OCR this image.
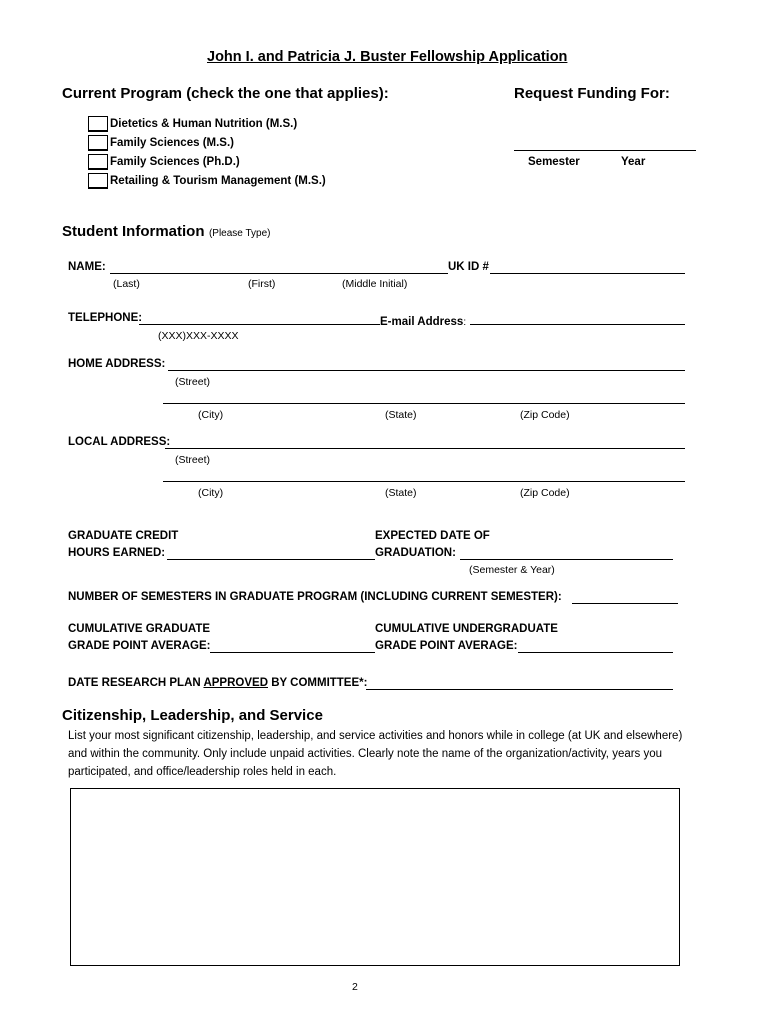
John I. and Patricia J. Buster Fellowship Application
Current Program (check the one that applies):	Request Funding For:
Dietetics & Human Nutrition (M.S.)
Family Sciences (M.S.)
Family Sciences (Ph.D.)
Retailing & Tourism Management (M.S.)
Semester	Year
Student Information (Please Type)
NAME:	UK ID #
(Last)	(First)	(Middle Initial)
TELEPHONE:	E-mail Address:
(XXX)XXX-XXXX
HOME ADDRESS:
(Street)
(City)	(State)	(Zip Code)
LOCAL ADDRESS:
(Street)
(City)	(State)	(Zip Code)
GRADUATE CREDIT
HOURS EARNED:
EXPECTED DATE OF
GRADUATION:
(Semester & Year)
NUMBER OF SEMESTERS IN GRADUATE PROGRAM (INCLUDING CURRENT SEMESTER):
CUMULATIVE GRADUATE
GRADE POINT AVERAGE:
CUMULATIVE UNDERGRADUATE
GRADE POINT AVERAGE:
DATE RESEARCH PLAN APPROVED BY COMMITTEE*:
Citizenship, Leadership, and Service
List your most significant citizenship, leadership, and service activities and honors while in college (at UK and elsewhere) and within the community. Only include unpaid activities. Clearly note the name of the organization/activity, years you participated, and office/leadership roles held in each.
2
